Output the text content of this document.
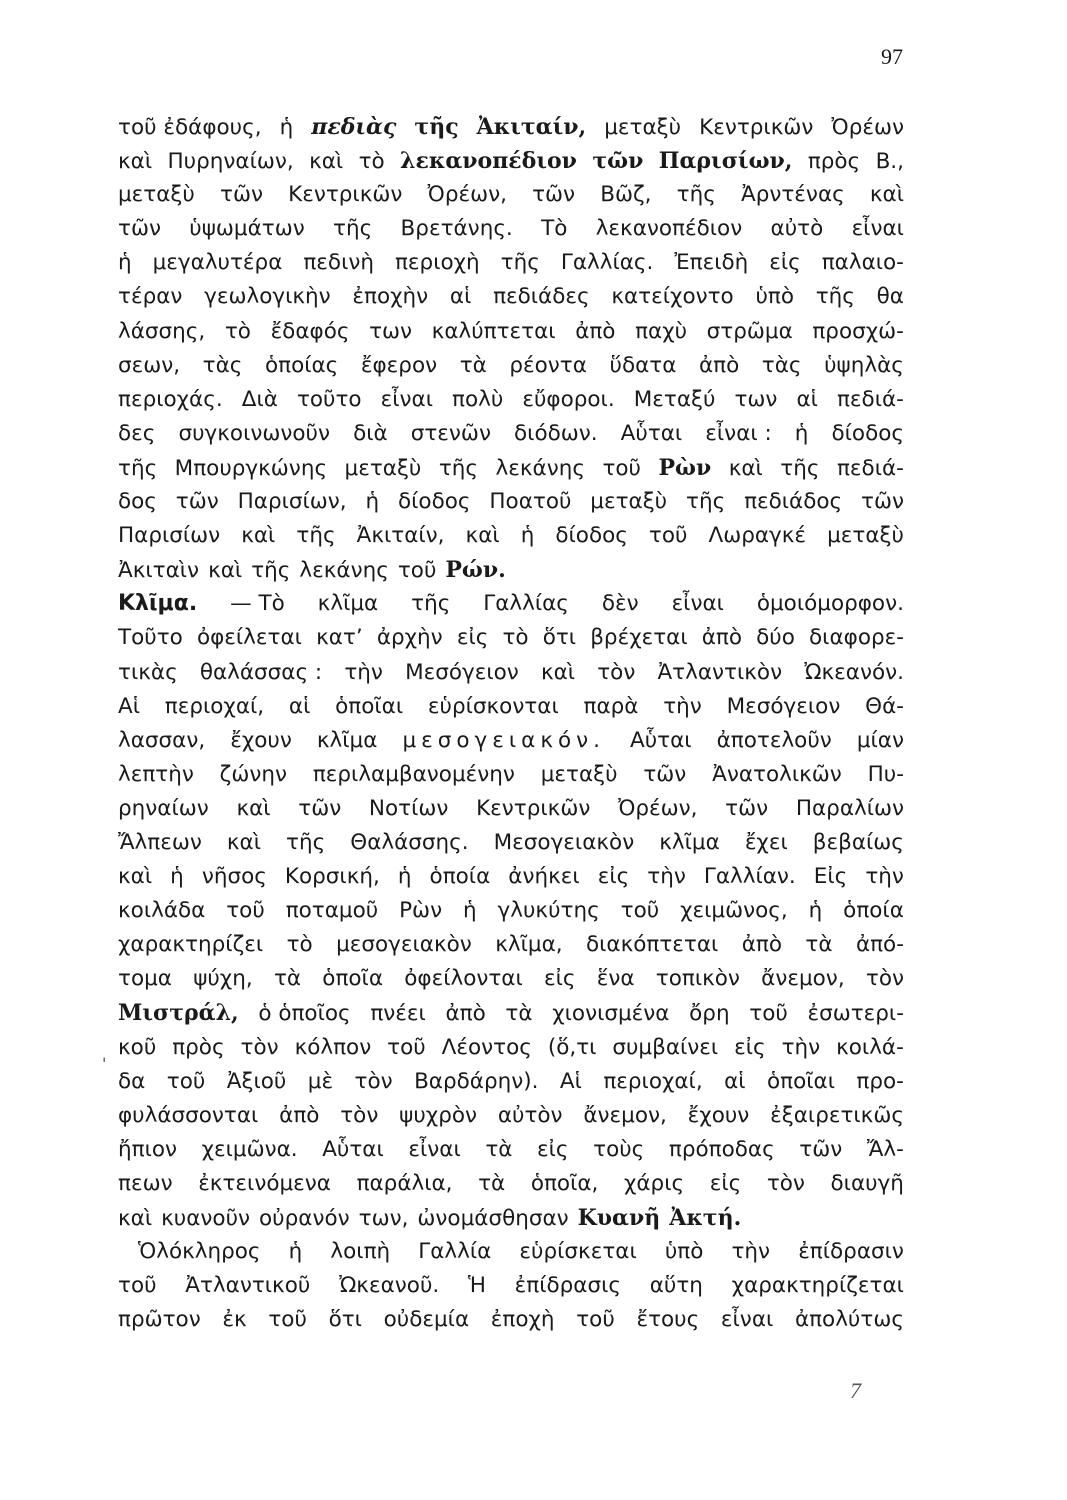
97
'
τοῦ ἐδάφους, ἡ πεδιὰς τῆς Ἀκιταίν, μεταξὺ Κεντρικῶν Ὀρέων
καὶ Πυρηναίων, καὶ τὸ λεκανοπέδιον τῶν Παρισίων, πρὸς Β.,
μεταξὺ τῶν Κεντρικῶν Ὀρέων, τῶν Βῶζ, τῆς Ἀρντένας καὶ
τῶν ὑψωμάτων τῆς Βρετάνης. Τὸ λεκανοπέδιον αὐτὸ εἶναι
ἡ μεγαλυτέρα πεδινὴ περιοχὴ τῆς Γαλλίας. Ἐπειδὴ εἰς παλαιο-
τέραν γεωλογικὴν ἐποχὴν αἱ πεδιάδες κατείχοντο ὑπὸ τῆς θα
λάσσης, τὸ ἔδαφός των καλύπτεται ἀπὸ παχὺ στρῶμα προσχώ-
σεων, τὰς ὁποίας ἔφερον τὰ ρέοντα ὕδατα ἀπὸ τὰς ὑψηλὰς
περιοχάς. Διὰ τοῦτο εἶναι πολὺ εὔφοροι. Μεταξύ των αἱ πεδιά-
δες συγκοινωνοῦν διὰ στενῶν διόδων. Αὗται εἶναι : ἡ δίοδος
τῆς Μπουργκώνης μεταξὺ τῆς λεκάνης τοῦ Ρὼν καὶ τῆς πεδιά-
δος τῶν Παρισίων, ἡ δίοδος Ποατοῦ μεταξὺ τῆς πεδιάδος τῶν
Παρισίων καὶ τῆς Ἀκιταίν, καὶ ἡ δίοδος τοῦ Λωραγκέ μεταξὺ
Ἀκιταὶν καὶ τῆς λεκάνης τοῦ Ρών.
Κλῖμα. — Τὸ κλῖμα τῆς Γαλλίας δὲν εἶναι ὁμοιόμορφον.
Τοῦτο ὀφείλεται κατ’ ἀρχὴν εἰς τὸ ὅτι βρέχεται ἀπὸ δύο διαφορε-
τικὰς θαλάσσας : τὴν Μεσόγειον καὶ τὸν Ἀτλαντικὸν Ὠκεανόν.
Αἱ περιοχαί, αἱ ὁποῖαι εὑρίσκονται παρὰ τὴν Μεσόγειον Θά-
λασσαν, ἔχουν κλῖμα μεσογειακόν. Αὗται ἀποτελοῦν μίαν
λεπτὴν ζώνην περιλαμβανομένην μεταξὺ τῶν Ἀνατολικῶν Πυ-
ρηναίων καὶ τῶν Νοτίων Κεντρικῶν Ὀρέων, τῶν Παραλίων
Ἄλπεων καὶ τῆς Θαλάσσης. Μεσογειακὸν κλῖμα ἔχει βεβαίως
καὶ ἡ νῆσος Κορσική, ἡ ὁποία ἀνήκει εἰς τὴν Γαλλίαν. Εἰς τὴν
κοιλάδα τοῦ ποταμοῦ Ρὼν ἡ γλυκύτης τοῦ χειμῶνος, ἡ ὁποία
χαρακτηρίζει τὸ μεσογειακὸν κλῖμα, διακόπτεται ἀπὸ τὰ ἀπό-
τομα ψύχη, τὰ ὁποῖα ὀφείλονται εἰς ἕνα τοπικὸν ἄνεμον, τὸν
Μιστράλ, ὁ ὁποῖος πνέει ἀπὸ τὰ χιονισμένα ὄρη τοῦ ἐσωτερι-
κοῦ πρὸς τὸν κόλπον τοῦ Λέοντος (ὅ,τι συμβαίνει εἰς τὴν κοιλά-
δα τοῦ Ἀξιοῦ μὲ τὸν Βαρδάρην). Αἱ περιοχαί, αἱ ὁποῖαι προ-
φυλάσσονται ἀπὸ τὸν ψυχρὸν αὐτὸν ἄνεμον, ἔχουν ἐξαιρετικῶς
ἤπιον χειμῶνα. Αὗται εἶναι τὰ εἰς τοὺς πρόποδας τῶν Ἄλ-
πεων ἐκτεινόμενα παράλια, τὰ ὁποῖα, χάρις εἰς τὸν διαυγῆ
καὶ κυανοῦν οὐρανόν των, ὠνομάσθησαν Κυανῆ Ἀκτή.
Ὁλόκληρος ἡ λοιπὴ Γαλλία εὑρίσκεται ὑπὸ τὴν ἐπίδρασιν
τοῦ Ἀτλαντικοῦ Ὠκεανοῦ. Ἡ ἐπίδρασις αὕτη χαρακτηρίζεται
πρῶτον ἐκ τοῦ ὅτι οὐδεμία ἐποχὴ τοῦ ἔτους εἶναι ἀπολύτως
7
